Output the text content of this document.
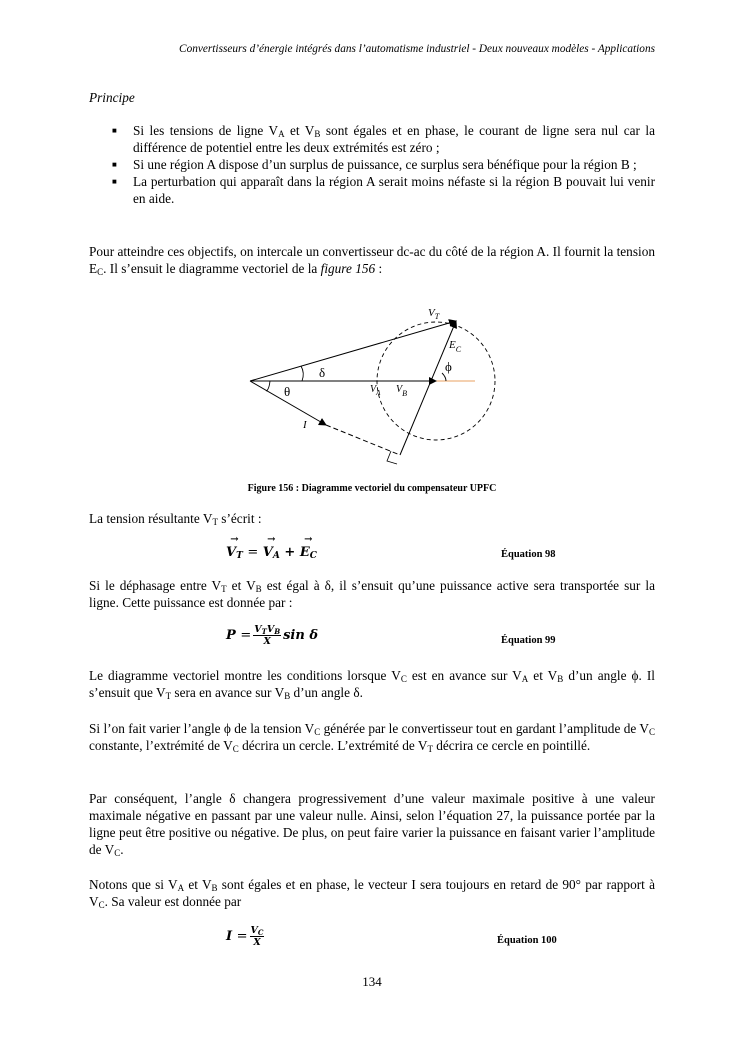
Convertisseurs d’énergie intégrés dans l’automatisme industriel - Deux nouveaux modèles - Applications
Principe
■ Si les tensions de ligne $V_A$ et $V_B$ sont égales et en phase, le courant de ligne sera nul car la différence de potentiel entre les deux extrémités est zéro ;
■ Si une région A dispose d’un surplus de puissance, ce surplus sera bénéfique pour la région B ;
■ La perturbation qui apparaît dans la région A serait moins néfaste si la région B pouvait lui venir en aide.

Pour atteindre ces objectifs, on intercale un convertisseur dc-ac du côté de la région A. Il fournit la tension $E_C$. Il s’ensuit le diagramme vectoriel de la figure 156 :

$V_T$
$E_C$
ϕ
δ
θ	$V_A$ $V_B$
I
Figure 156 : Diagramme vectoriel du compensateur UPFC

La tension résultante $V_T$ s’écrit :

→ $V_T$ = → $V_A$ + → $E_C$	Équation 98

Si le déphasage entre $V_T$ et $V_B$ est égal à δ, il s’ensuit qu’une puissance active sera transportée sur la ligne. Cette puissance est donnée par :

$P = \frac{V_TV_B}{X}$ sin δ	Équation 99

Le diagramme vectoriel montre les conditions lorsque $V_C$ est en avance sur $V_A$ et $V_B$ d’un angle ϕ. Il s’ensuit que $V_T$ sera en avance sur $V_B$ d’un angle δ.

Si l’on fait varier l’angle ϕ de la tension $V_C$ générée par le convertisseur tout en gardant l’amplitude de $V_C$ constante, l’extrémité de $V_C$ décrira un cercle. L’extrémité de $V_T$ décrira ce cercle en pointillé.

Par conséquent, l’angle δ changera progressivement d’une valeur maximale positive à une valeur maximale négative en passant par une valeur nulle. Ainsi, selon l’équation 27, la puissance portée par la ligne peut être positive ou négative. De plus, on peut faire varier la puissance en faisant varier l’amplitude de $V_C$.

Notons que si $V_A$ et $V_B$ sont égales et en phase, le vecteur I sera toujours en retard de 90° par rapport à $V_C$. Sa valeur est donnée par

$I = \frac{V_C}{X}$	Équation 100
134
